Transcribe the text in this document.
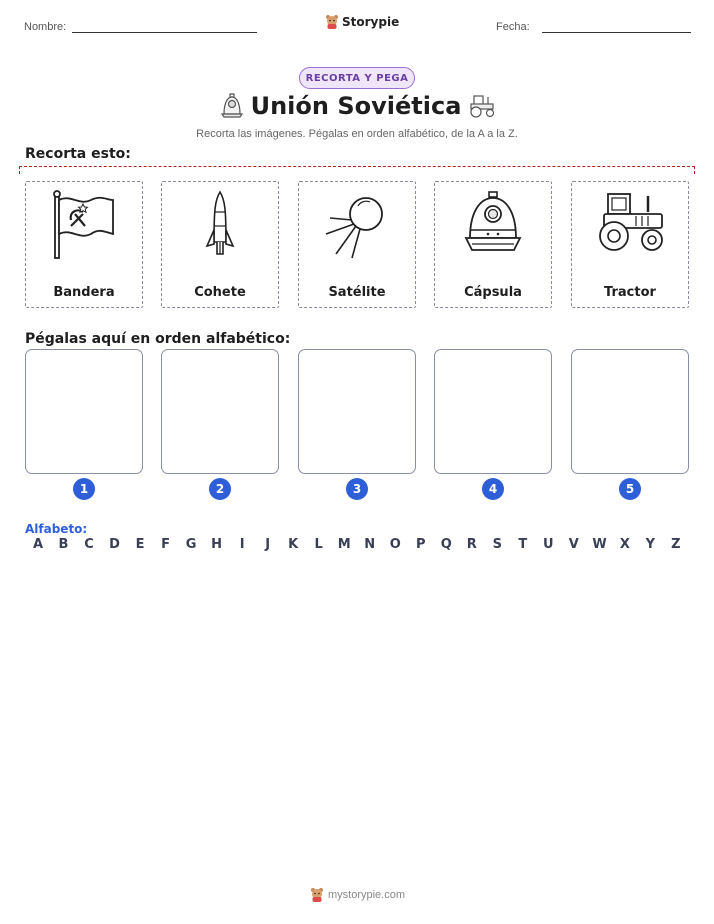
Nombre:	Storypie	Fecha:
RECORTA Y PEGA
Unión Soviética
Recorta las imágenes. Pégalas en orden alfabético, de la A a la Z.
Recorta esto:
Bandera	Cohete	Satélite	Cápsula	Tractor
Pégalas aquí en orden alfabético:
1	2	3	4	5
Alfabeto:
A B C D E F G H	I	J	K L M N O P Q R S T U V W X Y Z
mystorypie.com
